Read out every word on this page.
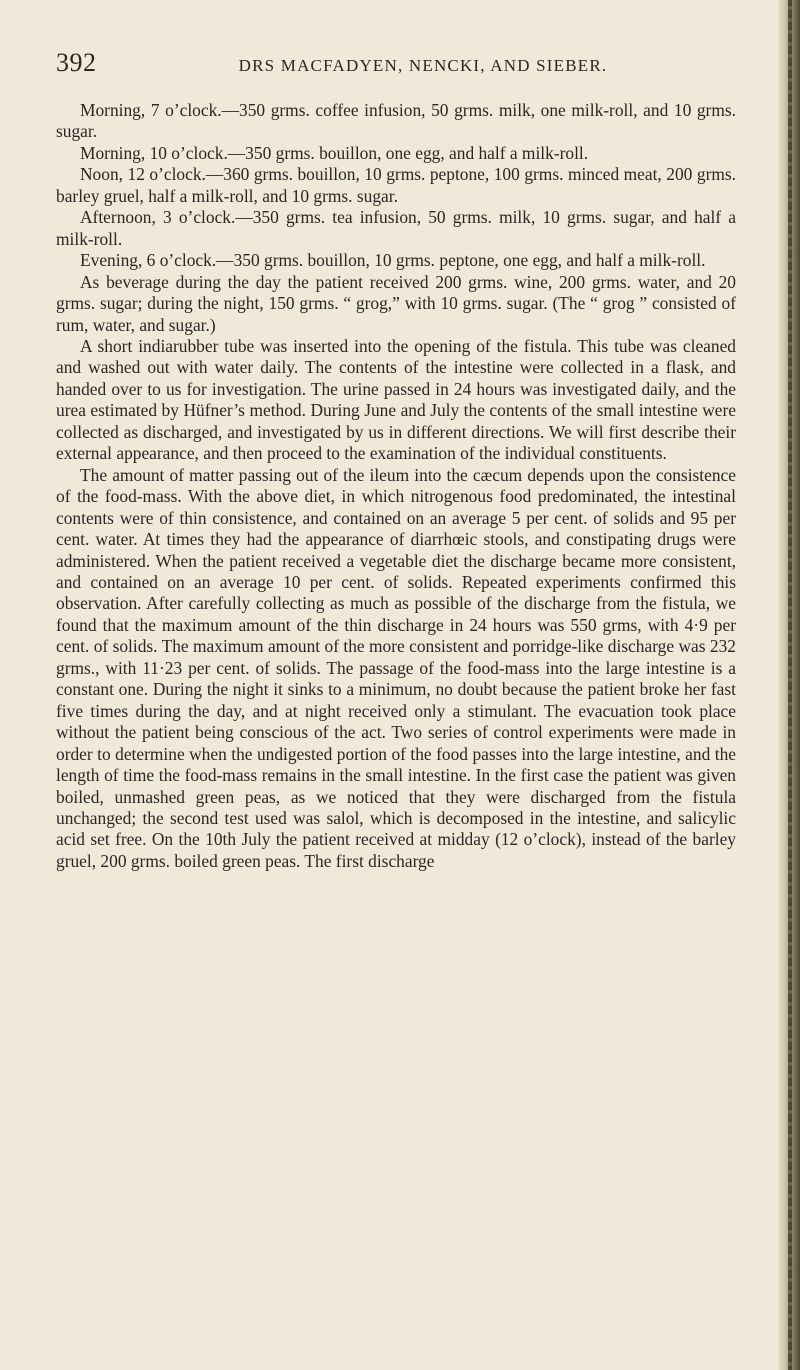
392	DRS MACFADYEN, NENCKI, AND SIEBER.

Morning, 7 o’clock.—350 grms. coffee infusion, 50 grms. milk, one milk-roll, and 10 grms. sugar.

Morning, 10 o’clock.—350 grms. bouillon, one egg, and half a milk-roll.

Noon, 12 o’clock.—360 grms. bouillon, 10 grms. peptone, 100 grms. minced meat, 200 grms. barley gruel, half a milk-roll, and 10 grms. sugar.

Afternoon, 3 o’clock.—350 grms. tea infusion, 50 grms. milk, 10 grms. sugar, and half a milk-roll.

Evening, 6 o’clock.—350 grms. bouillon, 10 grms. peptone, one egg, and half a milk-roll.

As beverage during the day the patient received 200 grms. wine, 200 grms. water, and 20 grms. sugar; during the night, 150 grms. “ grog,” with 10 grms. sugar. (The “ grog ” consisted of rum, water, and sugar.)

A short indiarubber tube was inserted into the opening of the fistula. This tube was cleaned and washed out with water daily. The contents of the intestine were collected in a flask, and handed over to us for investigation. The urine passed in 24 hours was investigated daily, and the urea estimated by Hüfner’s method. During June and July the contents of the small intestine were collected as discharged, and investigated by us in different directions. We will first describe their external appearance, and then proceed to the examination of the individual constituents.

The amount of matter passing out of the ileum into the cæcum depends upon the consistence of the food-mass. With the above diet, in which nitrogenous food predominated, the intestinal contents were of thin consistence, and contained on an average 5 per cent. of solids and 95 per cent. water. At times they had the appearance of diarrhœic stools, and constipating drugs were administered. When the patient received a vegetable diet the discharge became more consistent, and contained on an average 10 per cent. of solids. Repeated experiments confirmed this observation. After carefully collecting as much as possible of the discharge from the fistula, we found that the maximum amount of the thin discharge in 24 hours was 550 grms, with 4·9 per cent. of solids. The maximum amount of the more consistent and porridge-like discharge was 232 grms., with 11·23 per cent. of solids. The passage of the food-mass into the large intestine is a constant one. During the night it sinks to a minimum, no doubt because the patient broke her fast five times during the day, and at night received only a stimulant. The evacuation took place without the patient being conscious of the act. Two series of control experiments were made in order to determine when the undigested portion of the food passes into the large intestine, and the length of time the food-mass remains in the small intestine. In the first case the patient was given boiled, unmashed green peas, as we noticed that they were discharged from the fistula unchanged; the second test used was salol, which is decomposed in the intestine, and salicylic acid set free. On the 10th July the patient received at midday (12 o’clock), instead of the barley gruel, 200 grms. boiled green peas. The first discharge
